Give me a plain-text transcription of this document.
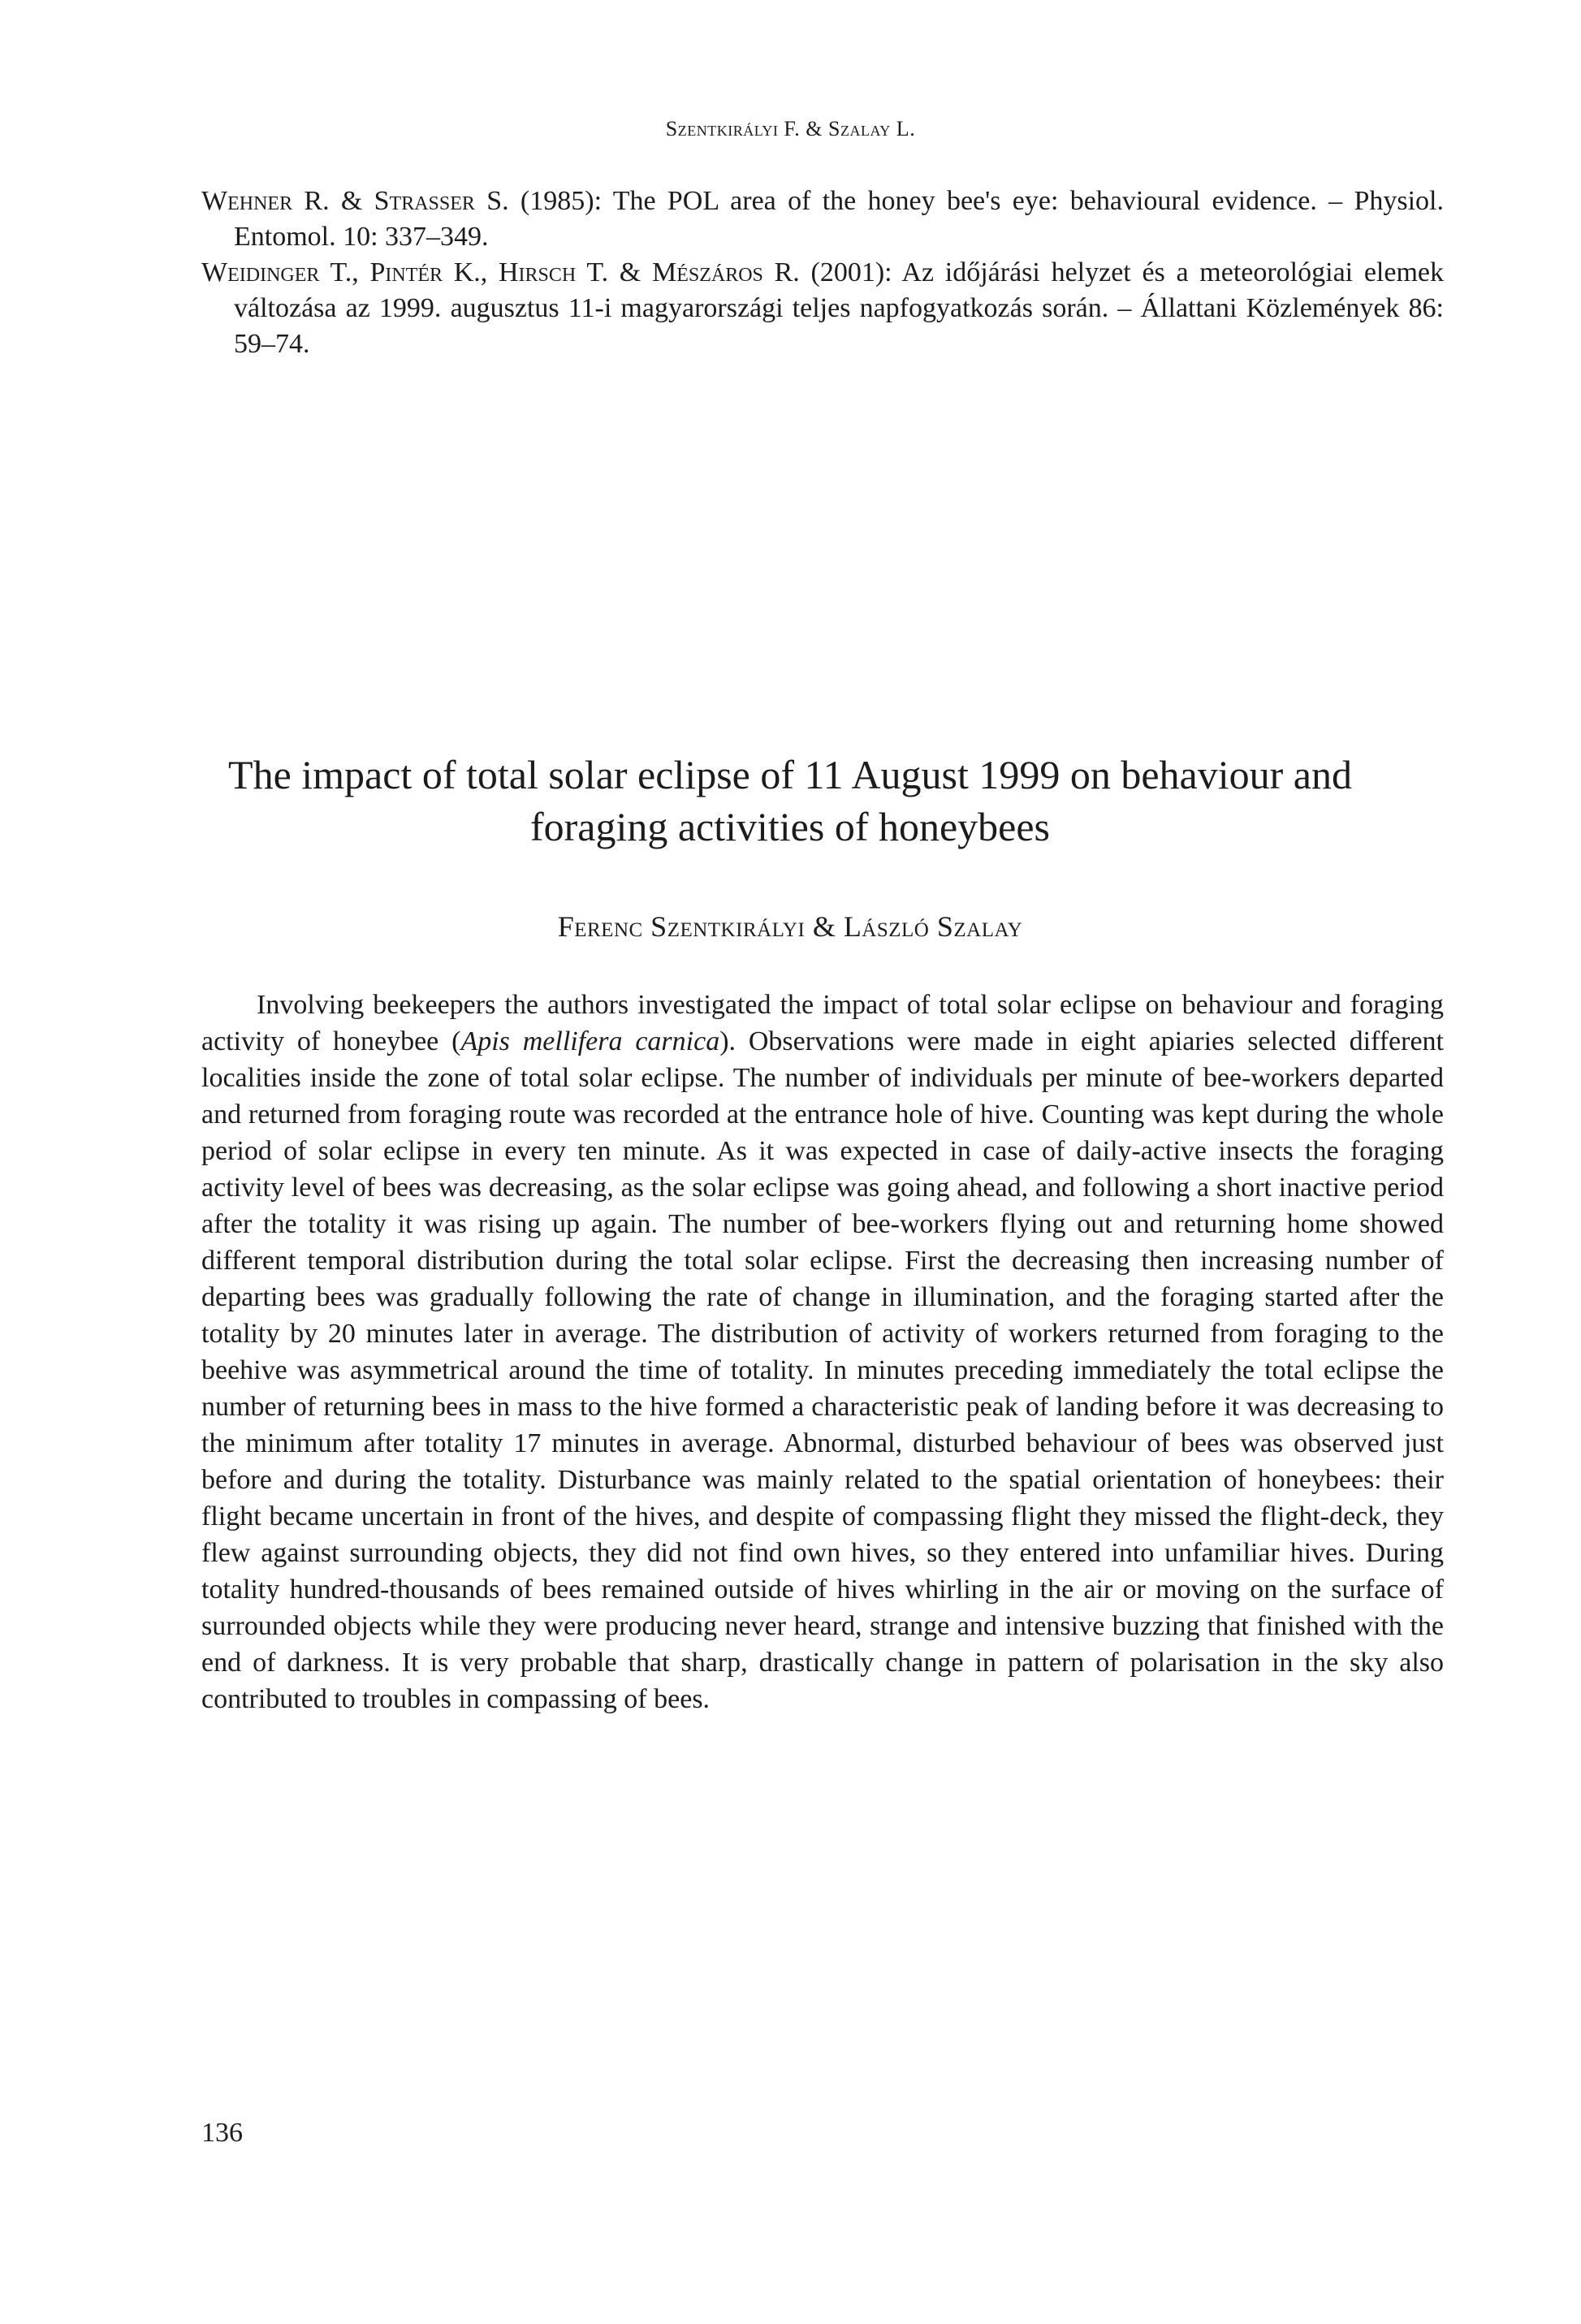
Szentkirályi F. & Szalay L.

Wehner R. & Strasser S. (1985): The POL area of the honey bee's eye: behavioural evidence. – Physiol. Entomol. 10: 337–349.

Weidinger T., Pintér K., Hirsch T. & Mészáros R. (2001): Az időjárási helyzet és a meteorológiai elemek változása az 1999. augusztus 11-i magyarországi teljes napfogyatkozás során. – Állattani Közlemények 86: 59–74.

The impact of total solar eclipse of 11 August 1999 on behaviour and foraging activities of honeybees
Ferenc Szentkirályi & László Szalay

Involving beekeepers the authors investigated the impact of total solar eclipse on behaviour and foraging activity of honeybee (Apis mellifera carnica). Observations were made in eight apiaries selected different localities inside the zone of total solar eclipse. The number of individuals per minute of bee-workers departed and returned from foraging route was recorded at the entrance hole of hive. Counting was kept during the whole period of solar eclipse in every ten minute. As it was expected in case of daily-active insects the foraging activity level of bees was decreasing, as the solar eclipse was going ahead, and following a short inactive period after the totality it was rising up again. The number of bee-workers flying out and returning home showed different temporal distribution during the total solar eclipse. First the decreasing then increasing number of departing bees was gradually following the rate of change in illumination, and the foraging started after the totality by 20 minutes later in average. The distribution of activity of workers returned from foraging to the beehive was asymmetrical around the time of totality. In minutes preceding immediately the total eclipse the number of returning bees in mass to the hive formed a characteristic peak of landing before it was decreasing to the minimum after totality 17 minutes in average. Abnormal, disturbed behaviour of bees was observed just before and during the totality. Disturbance was mainly related to the spatial orientation of honeybees: their flight became uncertain in front of the hives, and despite of compassing flight they missed the flight-deck, they flew against surrounding objects, they did not find own hives, so they entered into unfamiliar hives. During totality hundred-thousands of bees remained outside of hives whirling in the air or moving on the surface of surrounded objects while they were producing never heard, strange and intensive buzzing that finished with the end of darkness. It is very probable that sharp, drastically change in pattern of polarisation in the sky also contributed to troubles in compassing of bees.

136
